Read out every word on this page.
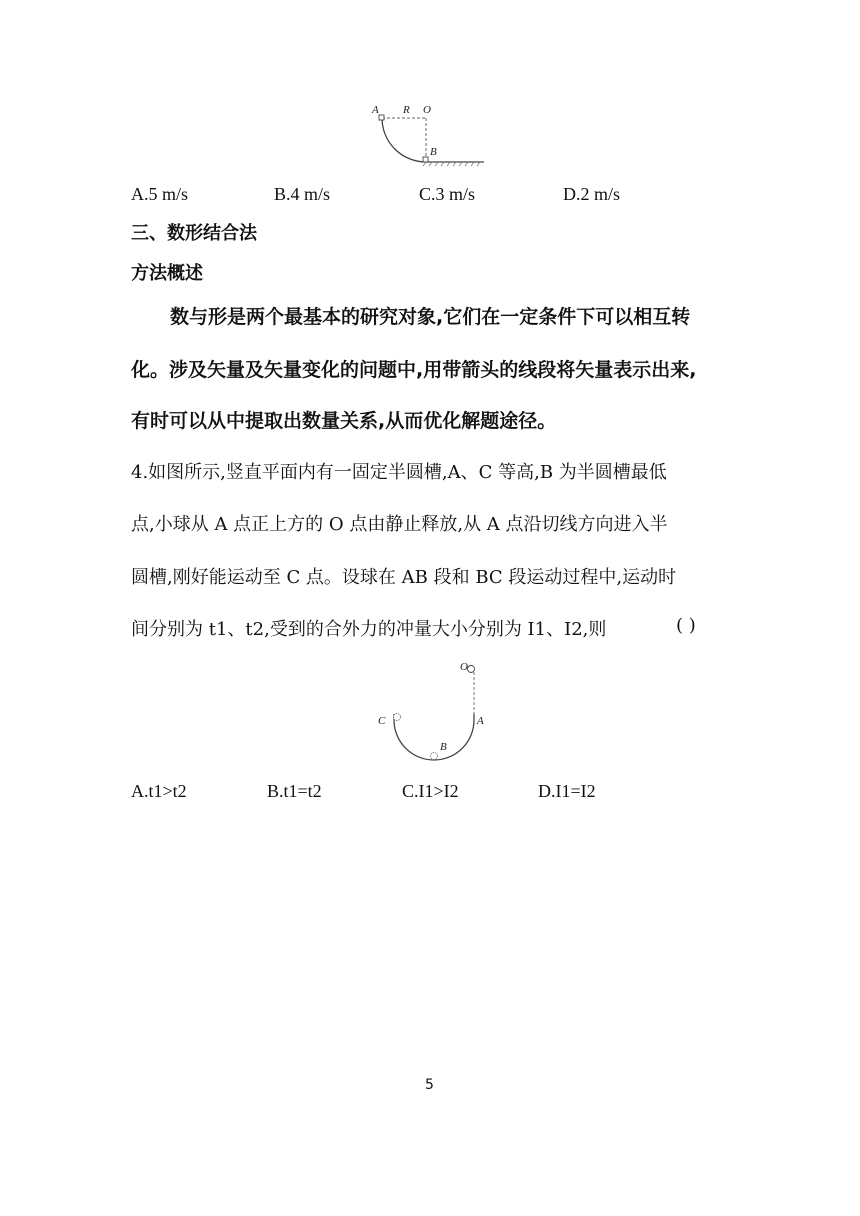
A R O
B
A.5 m/s	B.4 m/s	C.3 m/s	D.2 m/s
三、数形结合法
方法概述
数与形是两个最基本的研究对象,它们在一定条件下可以相互转
化。涉及矢量及矢量变化的问题中,用带箭头的线段将矢量表示出来,
有时可以从中提取出数量关系,从而优化解题途径。
4.如图所示,竖直平面内有一固定半圆槽,A、C 等高,B 为半圆槽最低
点,小球从 A 点正上方的 O 点由静止释放,从 A 点沿切线方向进入半
圆槽,刚好能运动至 C 点。设球在 AB 段和 BC 段运动过程中,运动时
间分别为 t1、t2,受到的合外力的冲量大小分别为 I1、I2,则	( )
O
C	A
B
A.t1>t2	B.t1=t2	C.I1>I2	D.I1=I2
5
